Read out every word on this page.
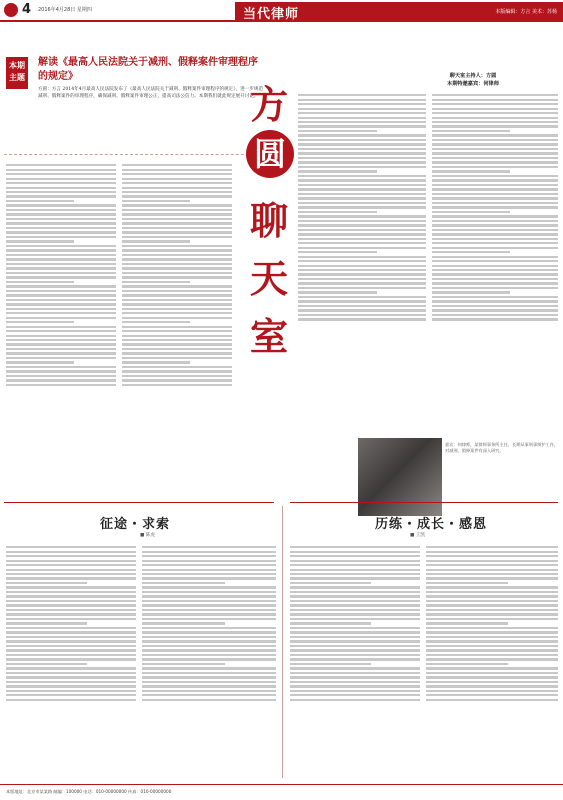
4 2016年4月28日 星期四	当代律师	本版编辑：方言 美术：苏杨
本期主题
解读《最高人民法院关于减刑、假释案件审理程序的规定》
方圆：方言 2014年4月最高人民法院发布了《最高人民法院关于减刑、假释案件审理程序的规定》，进一步规范减刑、假释案件的审理程序，确保减刑、假释案件审理公正，提高司法公信力。本期我们就此规定展开讨论。
方
圆
聊
天
室
聊天室主持人：方圆
本期特邀嘉宾：何律师
嘉宾：何律师，某律师事务所主任，长期从事刑事辩护工作，对减刑、假释案件有深入研究。
征途・求索
■ 陈虎
历练・成长・感恩
■ 王凯
本版地址：北京市某某路 邮编：100000 电话：010-00000000 传真：010-00000000
